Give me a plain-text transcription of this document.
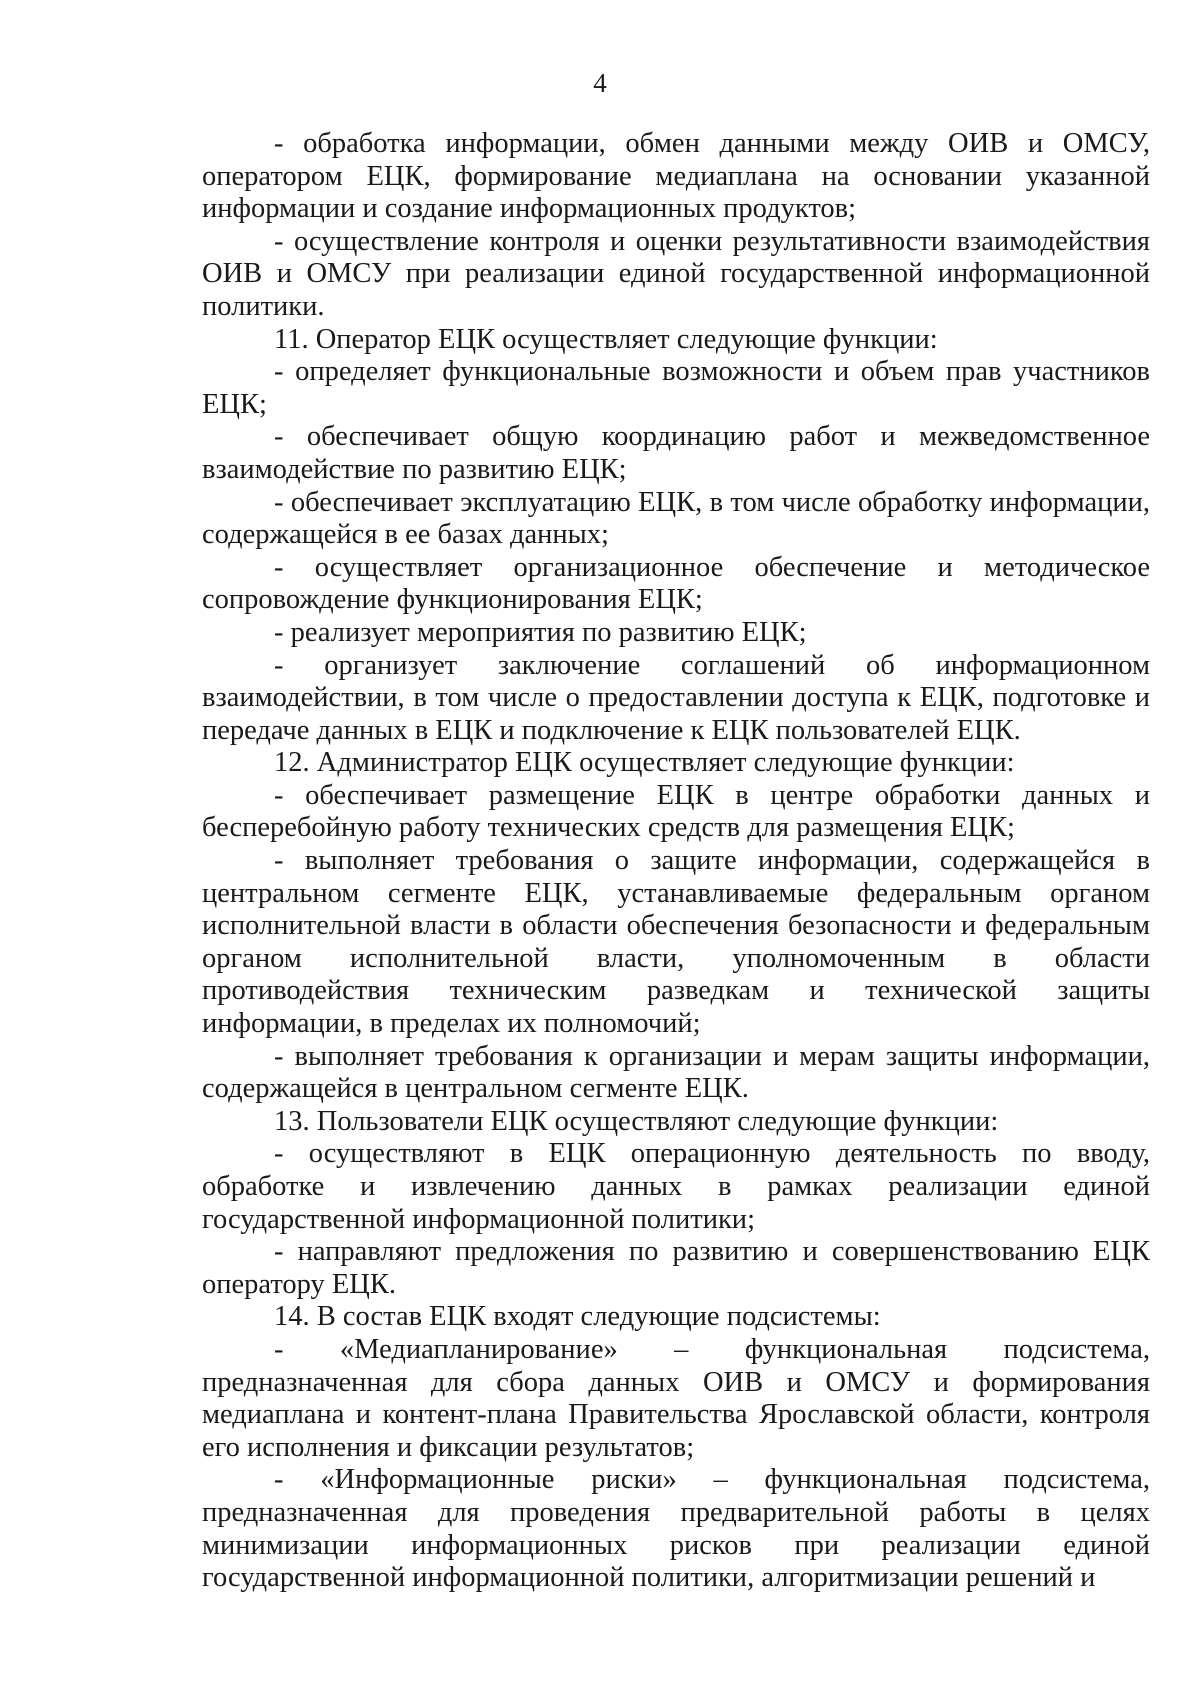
4

- обработка информации, обмен данными между ОИВ и ОМСУ, оператором ЕЦК, формирование медиаплана на основании указанной информации и создание информационных продуктов;

- осуществление контроля и оценки результативности взаимодействия ОИВ и ОМСУ при реализации единой государственной информационной политики.

11. Оператор ЕЦК осуществляет следующие функции:

- определяет функциональные возможности и объем прав участников ЕЦК;

- обеспечивает общую координацию работ и межведомственное взаимодействие по развитию ЕЦК;

- обеспечивает эксплуатацию ЕЦК, в том числе обработку информации, содержащейся в ее базах данных;

- осуществляет организационное обеспечение и методическое сопровождение функционирования ЕЦК;

- реализует мероприятия по развитию ЕЦК;

- организует заключение соглашений об информационном взаимодействии, в том числе о предоставлении доступа к ЕЦК, подготовке и передаче данных в ЕЦК и подключение к ЕЦК пользователей ЕЦК.

12. Администратор ЕЦК осуществляет следующие функции:

- обеспечивает размещение ЕЦК в центре обработки данных и бесперебойную работу технических средств для размещения ЕЦК;

- выполняет требования о защите информации, содержащейся в центральном сегменте ЕЦК, устанавливаемые федеральным органом исполнительной власти в области обеспечения безопасности и федеральным органом исполнительной власти, уполномоченным в области противодействия техническим разведкам и технической защиты информации, в пределах их полномочий;

- выполняет требования к организации и мерам защиты информации, содержащейся в центральном сегменте ЕЦК.

13. Пользователи ЕЦК осуществляют следующие функции:

- осуществляют в ЕЦК операционную деятельность по вводу, обработке и извлечению данных в рамках реализации единой государственной информационной политики;

- направляют предложения по развитию и совершенствованию ЕЦК оператору ЕЦК.

14. В состав ЕЦК входят следующие подсистемы:

- «Медиапланирование» – функциональная подсистема, предназначенная для сбора данных ОИВ и ОМСУ и формирования медиаплана и контент-плана Правительства Ярославской области, контроля его исполнения и фиксации результатов;

- «Информационные риски» – функциональная подсистема, предназначенная для проведения предварительной работы в целях минимизации информационных рисков при реализации единой государственной информационной политики, алгоритмизации решений и
